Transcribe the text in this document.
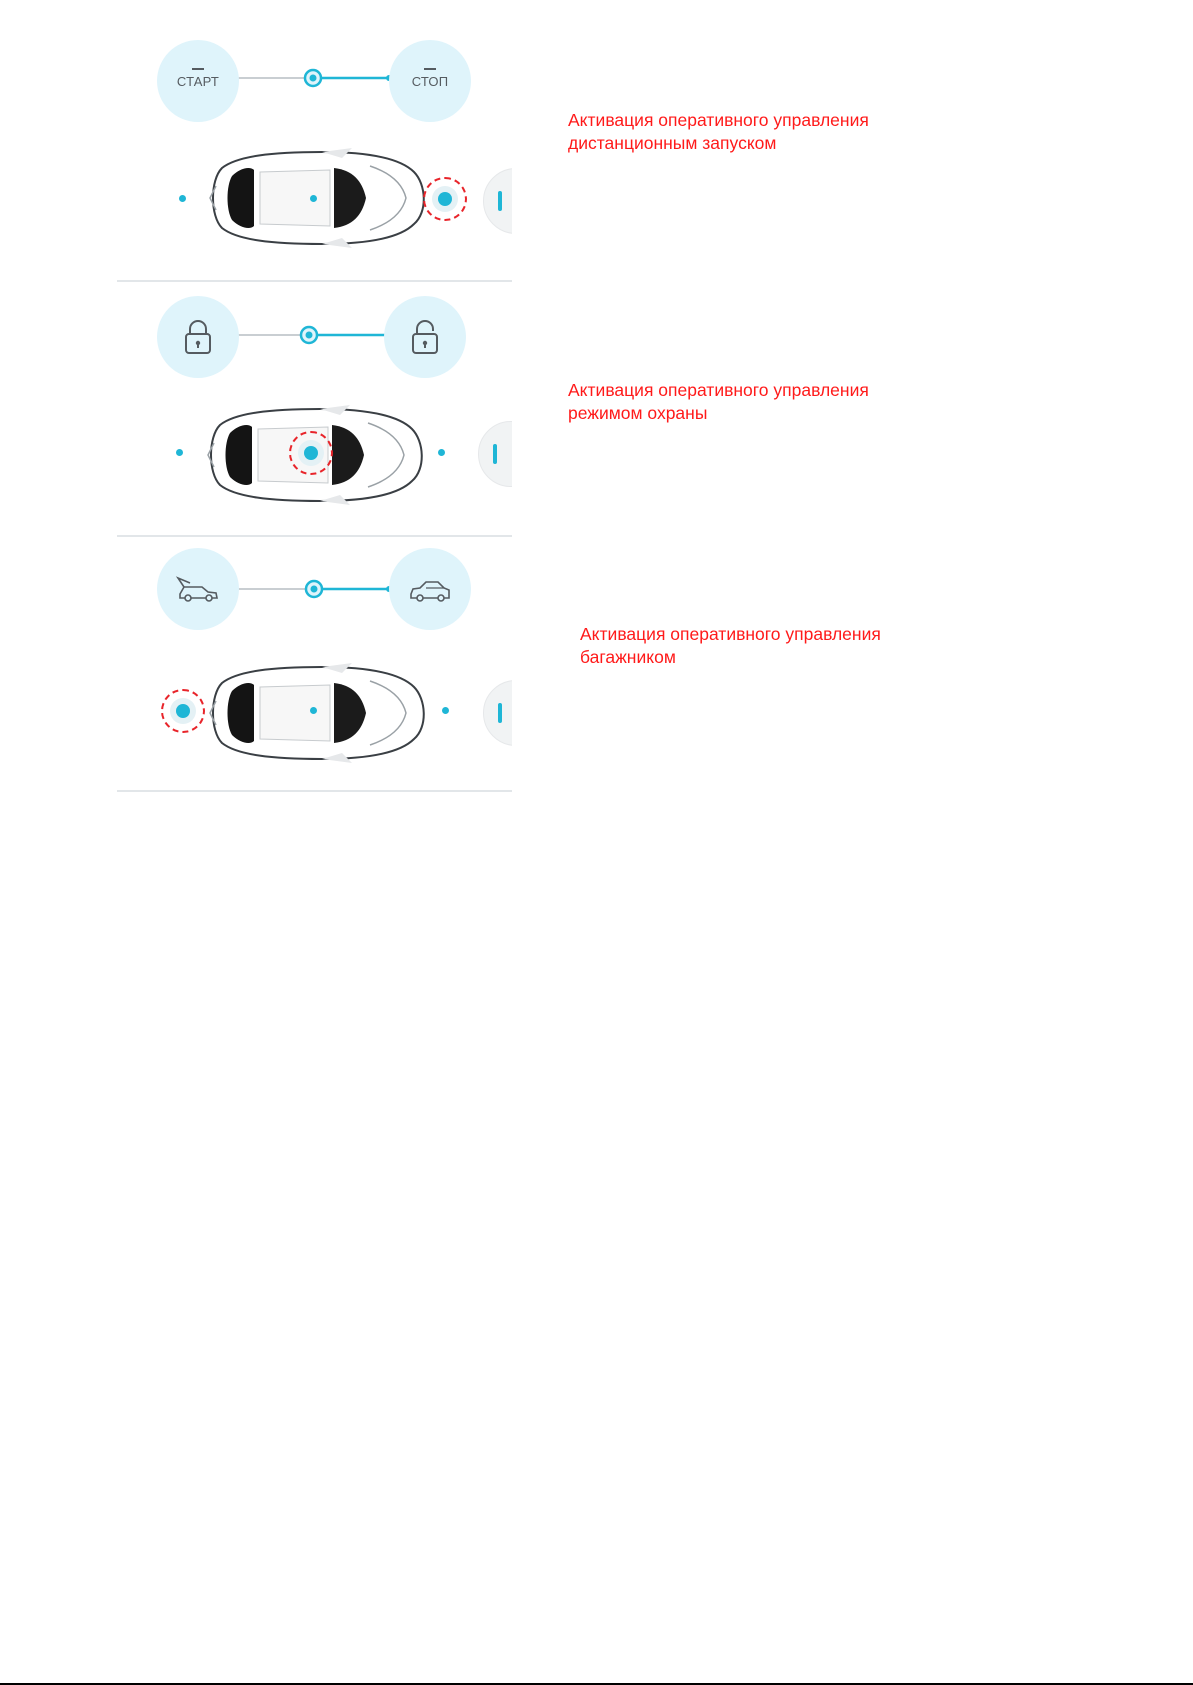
СТАРТ	СТОП
Активация оперативного управления
дистанционным запуском
Активация оперативного управления
режимом охраны
Активация оперативного управления
багажником
